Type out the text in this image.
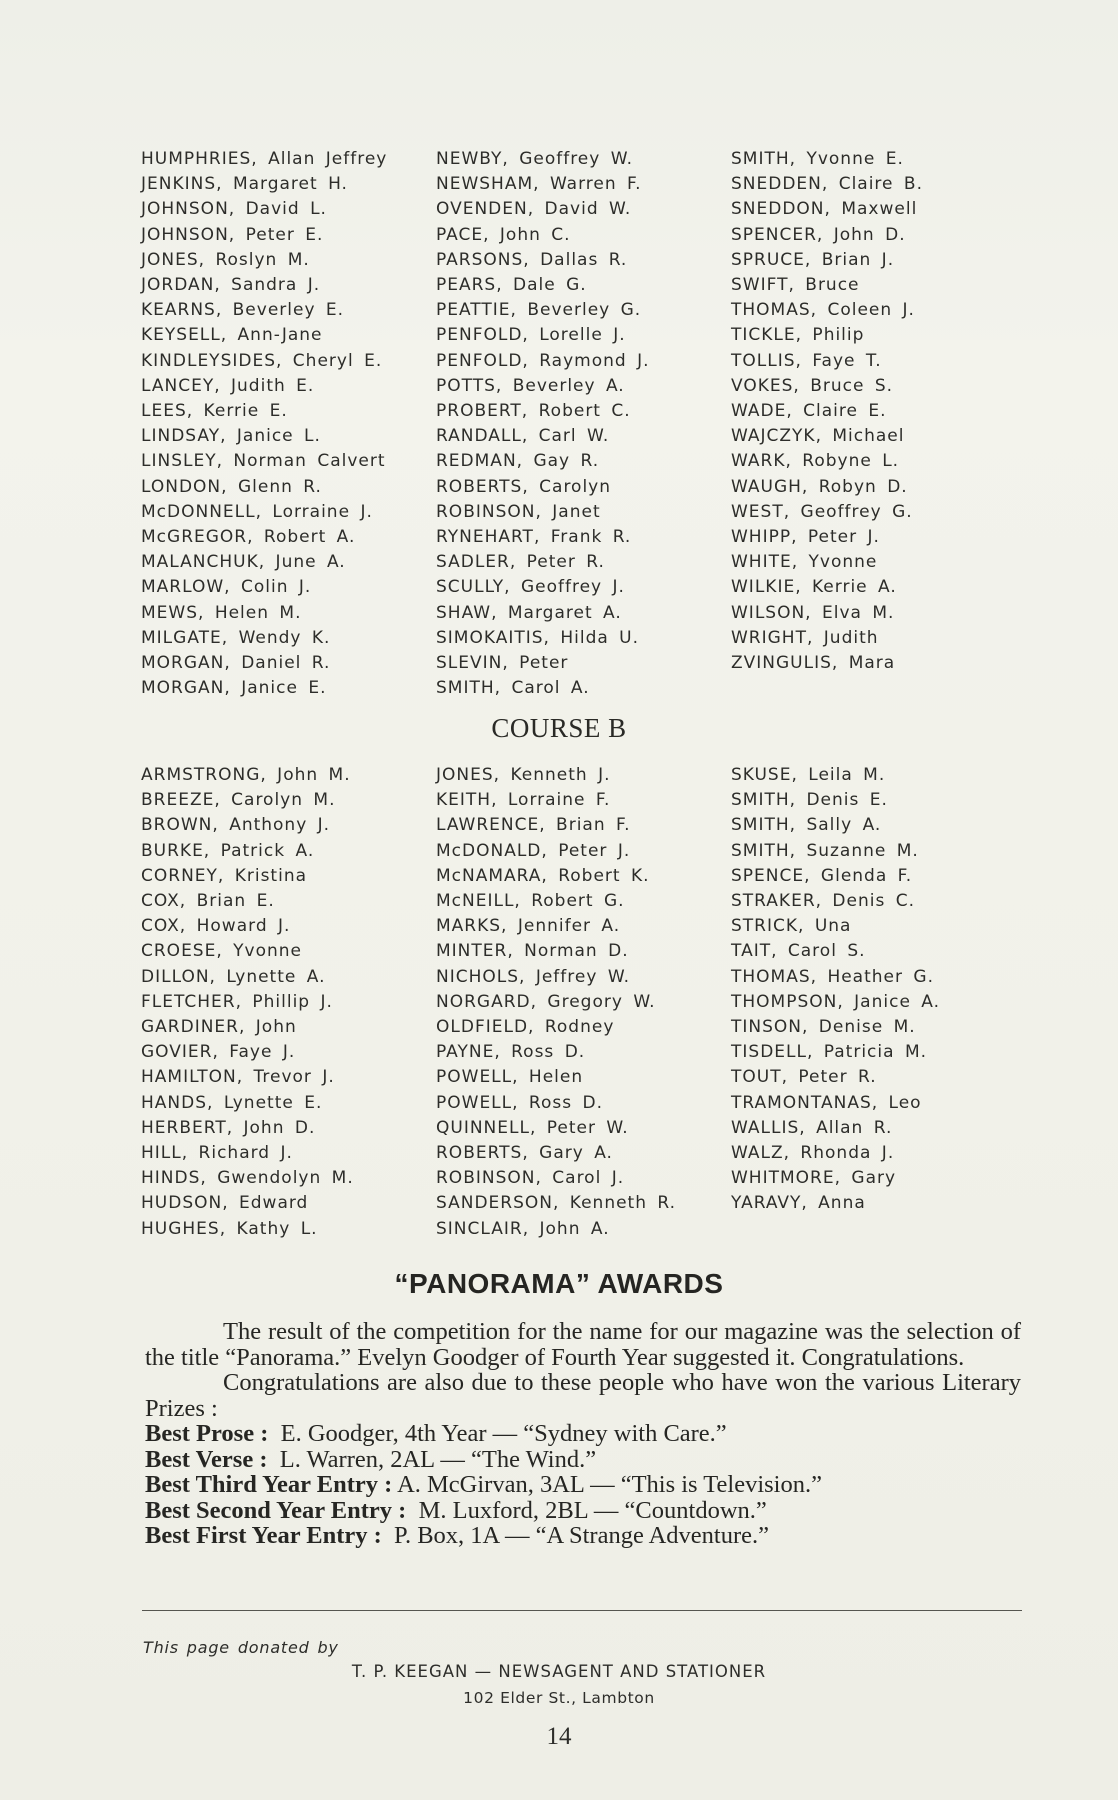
HUMPHRIES, Allan Jeffrey
JENKINS, Margaret H.
JOHNSON, David L.
JOHNSON, Peter E.
JONES, Roslyn M.
JORDAN, Sandra J.
KEARNS, Beverley E.
KEYSELL, Ann-Jane
KINDLEYSIDES, Cheryl E.
LANCEY, Judith E.
LEES, Kerrie E.
LINDSAY, Janice L.
LINSLEY, Norman Calvert
LONDON, Glenn R.
McDONNELL, Lorraine J.
McGREGOR, Robert A.
MALANCHUK, June A.
MARLOW, Colin J.
MEWS, Helen M.
MILGATE, Wendy K.
MORGAN, Daniel R.
MORGAN, Janice E.
NEWBY, Geoffrey W.
NEWSHAM, Warren F.
OVENDEN, David W.
PACE, John C.
PARSONS, Dallas R.
PEARS, Dale G.
PEATTIE, Beverley G.
PENFOLD, Lorelle J.
PENFOLD, Raymond J.
POTTS, Beverley A.
PROBERT, Robert C.
RANDALL, Carl W.
REDMAN, Gay R.
ROBERTS, Carolyn
ROBINSON, Janet
RYNEHART, Frank R.
SADLER, Peter R.
SCULLY, Geoffrey J.
SHAW, Margaret A.
SIMOKAITIS, Hilda U.
SLEVIN, Peter
SMITH, Carol A.
SMITH, Yvonne E.
SNEDDEN, Claire B.
SNEDDON, Maxwell
SPENCER, John D.
SPRUCE, Brian J.
SWIFT, Bruce
THOMAS, Coleen J.
TICKLE, Philip
TOLLIS, Faye T.
VOKES, Bruce S.
WADE, Claire E.
WAJCZYK, Michael
WARK, Robyne L.
WAUGH, Robyn D.
WEST, Geoffrey G.
WHIPP, Peter J.
WHITE, Yvonne
WILKIE, Kerrie A.
WILSON, Elva M.
WRIGHT, Judith
ZVINGULIS, Mara
COURSE B
ARMSTRONG, John M.
BREEZE, Carolyn M.
BROWN, Anthony J.
BURKE, Patrick A.
CORNEY, Kristina
COX, Brian E.
COX, Howard J.
CROESE, Yvonne
DILLON, Lynette A.
FLETCHER, Phillip J.
GARDINER, John
GOVIER, Faye J.
HAMILTON, Trevor J.
HANDS, Lynette E.
HERBERT, John D.
HILL, Richard J.
HINDS, Gwendolyn M.
HUDSON, Edward
HUGHES, Kathy L.
JONES, Kenneth J.
KEITH, Lorraine F.
LAWRENCE, Brian F.
McDONALD, Peter J.
McNAMARA, Robert K.
McNEILL, Robert G.
MARKS, Jennifer A.
MINTER, Norman D.
NICHOLS, Jeffrey W.
NORGARD, Gregory W.
OLDFIELD, Rodney
PAYNE, Ross D.
POWELL, Helen
POWELL, Ross D.
QUINNELL, Peter W.
ROBERTS, Gary A.
ROBINSON, Carol J.
SANDERSON, Kenneth R.
SINCLAIR, John A.
SKUSE, Leila M.
SMITH, Denis E.
SMITH, Sally A.
SMITH, Suzanne M.
SPENCE, Glenda F.
STRAKER, Denis C.
STRICK, Una
TAIT, Carol S.
THOMAS, Heather G.
THOMPSON, Janice A.
TINSON, Denise M.
TISDELL, Patricia M.
TOUT, Peter R.
TRAMONTANAS, Leo
WALLIS, Allan R.
WALZ, Rhonda J.
WHITMORE, Gary
YARAVY, Anna
“PANORAMA” AWARDS

The result of the competition for the name for our magazine was the selection of the title “Panorama.” Evelyn Goodger of Fourth Year suggested it. Congratulations.

Congratulations are also due to these people who have won the various Literary Prizes :

Best Prose : E. Goodger, 4th Year — “Sydney with Care.”
Best Verse : L. Warren, 2AL — “The Wind.”
Best Third Year Entry : A. McGirvan, 3AL — “This is Television.”
Best Second Year Entry : M. Luxford, 2BL — “Countdown.”
Best First Year Entry : P. Box, 1A — “A Strange Adventure.”
This page donated by
T. P. KEEGAN — NEWSAGENT AND STATIONER
102 Elder St., Lambton
14
